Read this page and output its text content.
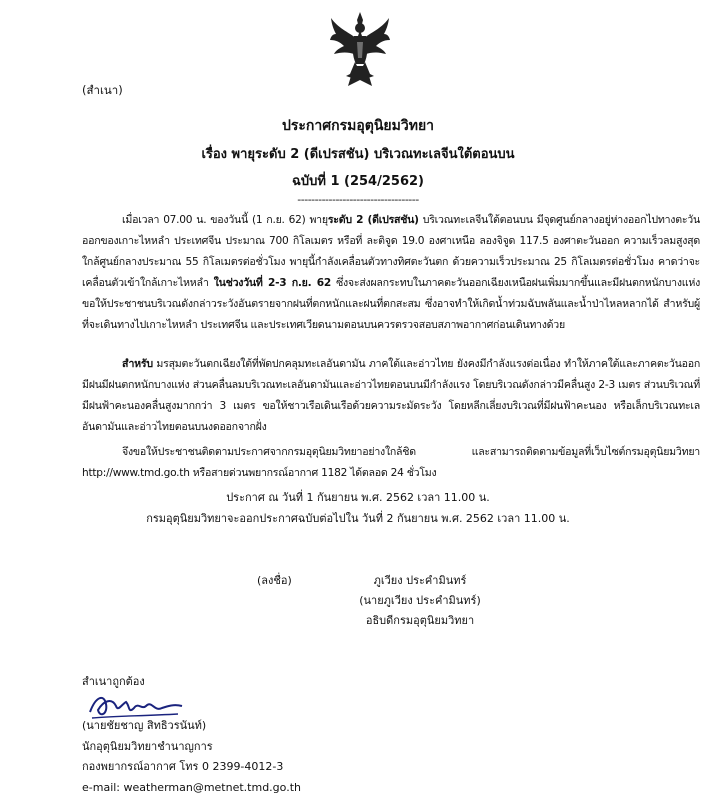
(สำเนา)
ประกาศกรมอุตุนิยมวิทยา
เรื่อง พายุระดับ 2 (ดีเปรสชัน) บริเวณทะเลจีนใต้ตอนบน
ฉบับที่ 1 (254/2562)
-----------------------------------
เมื่อเวลา 07.00 น. ของวันนี้ (1 ก.ย. 62) พายุระดับ 2 (ดีเปรสชัน) บริเวณทะเลจีนใต้ตอนบน มีจุดศูนย์กลางอยู่ห่างออกไปทางตะวันออกของเกาะไหหลำ ประเทศจีน ประมาณ 700 กิโลเมตร หรือที่ ละติจูด 19.0 องศาเหนือ ลองจิจูด 117.5 องศาตะวันออก ความเร็วลมสูงสุดใกล้ศูนย์กลางประมาณ 55 กิโลเมตรต่อชั่วโมง พายุนี้กำลังเคลื่อนตัวทางทิศตะวันตก ด้วยความเร็วประมาณ 25 กิโลเมตรต่อชั่วโมง คาดว่าจะเคลื่อนตัวเข้าใกล้เกาะไหหลำ ในช่วงวันที่ 2-3 ก.ย. 62 ซึ่งจะส่งผลกระทบในภาคตะวันออกเฉียงเหนือฝนเพิ่มมากขึ้นและมีฝนตกหนักบางแห่ง ขอให้ประชาชนบริเวณดังกล่าวระวังอันตรายจากฝนที่ตกหนักและฝนที่ตกสะสม ซึ่งอาจทำให้เกิดน้ำท่วมฉับพลันและน้ำป่าไหลหลากได้ สำหรับผู้ที่จะเดินทางไปเกาะไหหลำ ประเทศจีน และประเทศเวียดนามตอนบนควรตรวจสอบสภาพอากาศก่อนเดินทางด้วย
สำหรับ มรสุมตะวันตกเฉียงใต้ที่พัดปกคลุมทะเลอันดามัน ภาคใต้และอ่าวไทย ยังคงมีกำลังแรงต่อเนื่อง ทำให้ภาคใต้และภาคตะวันออกมีฝนมีฝนตกหนักบางแห่ง ส่วนคลื่นลมบริเวณทะเลอันดามันและอ่าวไทยตอนบนมีกำลังแรง โดยบริเวณดังกล่าวมีคลื่นสูง 2-3 เมตร ส่วนบริเวณที่มีฝนฟ้าคะนองคลื่นสูงมากกว่า 3 เมตร ขอให้ชาวเรือเดินเรือด้วยความระมัดระวัง โดยหลีกเลี่ยงบริเวณที่มีฝนฟ้าคะนอง หรือเล็กบริเวณทะเลอันดามันและอ่าวไทยตอนบนงดออกจากฝั่ง
จึงขอให้ประชาชนติดตามประกาศจากกรมอุตุนิยมวิทยาอย่างใกล้ชิด และสามารถติดตามข้อมูลที่เว็บไซต์กรมอุตุนิยมวิทยา http://www.tmd.go.th หรือสายด่วนพยากรณ์อากาศ 1182 ได้ตลอด 24 ชั่วโมง
ประกาศ ณ วันที่ 1 กันยายน พ.ศ. 2562 เวลา 11.00 น.
กรมอุตุนิยมวิทยาจะออกประกาศฉบับต่อไปใน วันที่ 2 กันยายน พ.ศ. 2562 เวลา 11.00 น.
(ลงชื่อ)	ภูเวียง ประคำมินทร์
(นายภูเวียง ประคำมินทร์)
อธิบดีกรมอุตุนิยมวิทยา
สำเนาถูกต้อง
(นายชัยชาญ สิทธิวรนันท์)
นักอุตุนิยมวิทยาชำนาญการ
กองพยากรณ์อากาศ โทร 0 2399-4012-3
e-mail: weatherman@metnet.tmd.go.th
